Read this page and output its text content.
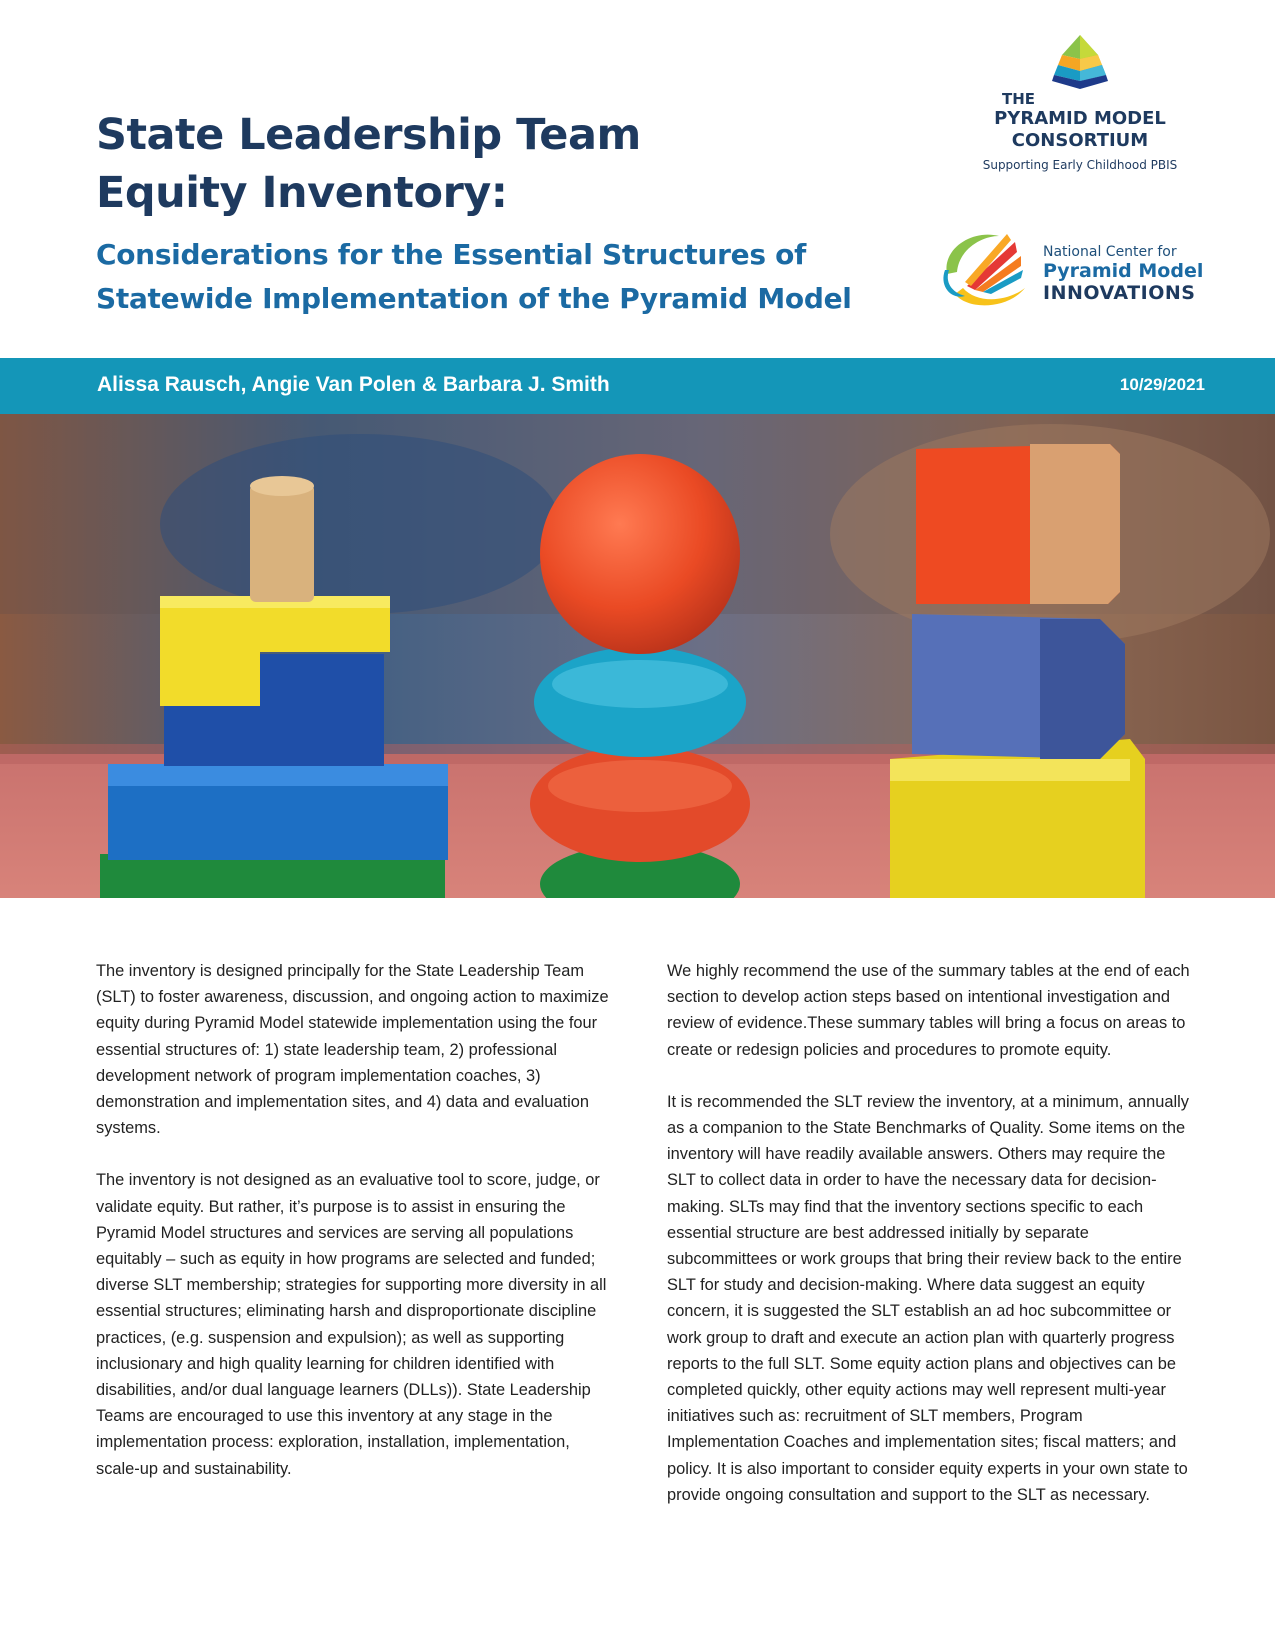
State Leadership Team
Equity Inventory:
Considerations for the Essential Structures of
Statewide Implementation of the Pyramid Model
THE
PYRAMID MODEL
CONSORTIUM
Supporting Early Childhood PBIS
National Center for
Pyramid Model
INNOVATIONS
Alissa Rausch, Angie Van Polen & Barbara J. Smith	10/29/2021

The inventory is designed principally for the State Leadership Team (SLT) to foster awareness, discussion, and ongoing action to maximize equity during Pyramid Model statewide implementation using the four essential structures of: 1) state leadership team, 2) professional development network of program implementation coaches, 3) demonstration and implementation sites, and 4) data and evaluation systems.

The inventory is not designed as an evaluative tool to score, judge, or validate equity. But rather, it’s purpose is to assist in ensuring the Pyramid Model structures and services are serving all populations equitably – such as equity in how programs are selected and funded; diverse SLT membership; strategies for supporting more diversity in all essential structures; eliminating harsh and disproportionate discipline practices, (e.g. suspension and expulsion); as well as supporting inclusionary and high quality learning for children identified with disabilities, and/or dual language learners (DLLs)). State Leadership Teams are encouraged to use this inventory at any stage in the implementation process: exploration, installation, implementation, scale-up and sustainability.

We highly recommend the use of the summary tables at the end of each section to develop action steps based on intentional investigation and review of evidence.These summary tables will bring a focus on areas to create or redesign policies and procedures to promote equity.

It is recommended the SLT review the inventory, at a minimum, annually as a companion to the State Benchmarks of Quality. Some items on the inventory will have readily available answers. Others may require the SLT to collect data in order to have the necessary data for decision-making. SLTs may find that the inventory sections specific to each essential structure are best addressed initially by separate subcommittees or work groups that bring their review back to the entire SLT for study and decision-making. Where data suggest an equity concern, it is suggested the SLT establish an ad hoc subcommittee or work group to draft and execute an action plan with quarterly progress reports to the full SLT. Some equity action plans and objectives can be completed quickly, other equity actions may well represent multi-year initiatives such as: recruitment of SLT members, Program Implementation Coaches and implementation sites; fiscal matters; and policy. It is also important to consider equity experts in your own state to provide ongoing consultation and support to the SLT as necessary.
